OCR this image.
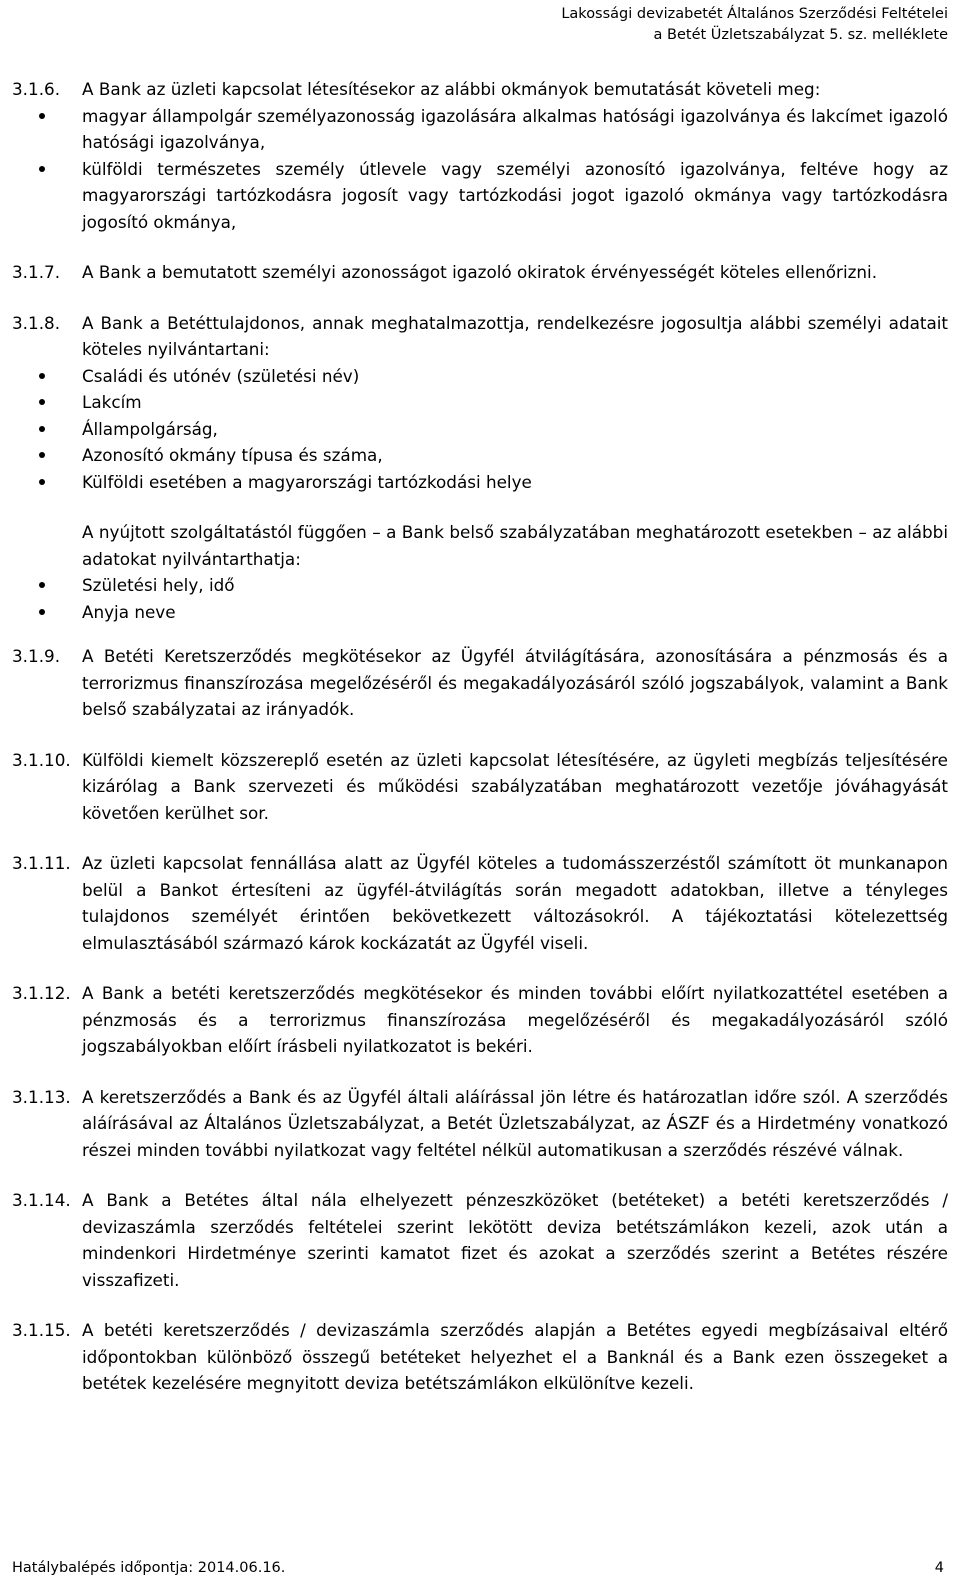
Lakossági devizabetét Általános Szerződési Feltételei
a Betét Üzletszabályzat 5. sz. melléklete
3.1.6. A Bank az üzleti kapcsolat létesítésekor az alábbi okmányok bemutatását követeli meg:
magyar állampolgár személyazonosság igazolására alkalmas hatósági igazolványa és lakcímet igazoló hatósági igazolványa,
külföldi természetes személy útlevele vagy személyi azonosító igazolványa, feltéve hogy az magyarországi tartózkodásra jogosít vagy tartózkodási jogot igazoló okmánya vagy tartózkodásra jogosító okmánya,
3.1.7. A Bank a bemutatott személyi azonosságot igazoló okiratok érvényességét köteles ellenőrizni.
3.1.8. A Bank a Betéttulajdonos, annak meghatalmazottja, rendelkezésre jogosultja alábbi személyi adatait köteles nyilvántartani:
Családi és utónév (születési név)
Lakcím
Állampolgárság,
Azonosító okmány típusa és száma,
Külföldi esetében a magyarországi tartózkodási helye
A nyújtott szolgáltatástól függően – a Bank belső szabályzatában meghatározott esetekben – az alábbi adatokat nyilvántarthatja:
Születési hely, idő
Anyja neve
3.1.9. A Betéti Keretszerződés megkötésekor az Ügyfél átvilágítására, azonosítására a pénzmosás és a terrorizmus finanszírozása megelőzéséről és megakadályozásáról szóló jogszabályok, valamint a Bank belső szabályzatai az irányadók.
3.1.10. Külföldi kiemelt közszereplő esetén az üzleti kapcsolat létesítésére, az ügyleti megbízás teljesítésére kizárólag a Bank szervezeti és működési szabályzatában meghatározott vezetője jóváhagyását követően kerülhet sor.
3.1.11. Az üzleti kapcsolat fennállása alatt az Ügyfél köteles a tudomásszerzéstől számított öt munkanapon belül a Bankot értesíteni az ügyfél-átvilágítás során megadott adatokban, illetve a tényleges tulajdonos személyét érintően bekövetkezett változásokról. A tájékoztatási kötelezettség elmulasztásából származó károk kockázatát az Ügyfél viseli.
3.1.12. A Bank a betéti keretszerződés megkötésekor és minden további előírt nyilatkozattétel esetében a pénzmosás és a terrorizmus finanszírozása megelőzéséről és megakadályozásáról szóló jogszabályokban előírt írásbeli nyilatkozatot is bekéri.
3.1.13. A keretszerződés a Bank és az Ügyfél általi aláírással jön létre és határozatlan időre szól. A szerződés aláírásával az Általános Üzletszabályzat, a Betét Üzletszabályzat, az ÁSZF és a Hirdetmény vonatkozó részei minden további nyilatkozat vagy feltétel nélkül automatikusan a szerződés részévé válnak.
3.1.14. A Bank a Betétes által nála elhelyezett pénzeszközöket (betéteket) a betéti keretszerződés / devizaszámla szerződés feltételei szerint lekötött deviza betétszámlákon kezeli, azok után a mindenkori Hirdetménye szerinti kamatot fizet és azokat a szerződés szerint a Betétes részére visszafizeti.
3.1.15. A betéti keretszerződés / devizaszámla szerződés alapján a Betétes egyedi megbízásaival eltérő időpontokban különböző összegű betéteket helyezhet el a Banknál és a Bank ezen összegeket a betétek kezelésére megnyitott deviza betétszámlákon elkülönítve kezeli.
Hatálybalépés időpontja: 2014.06.16.	4
